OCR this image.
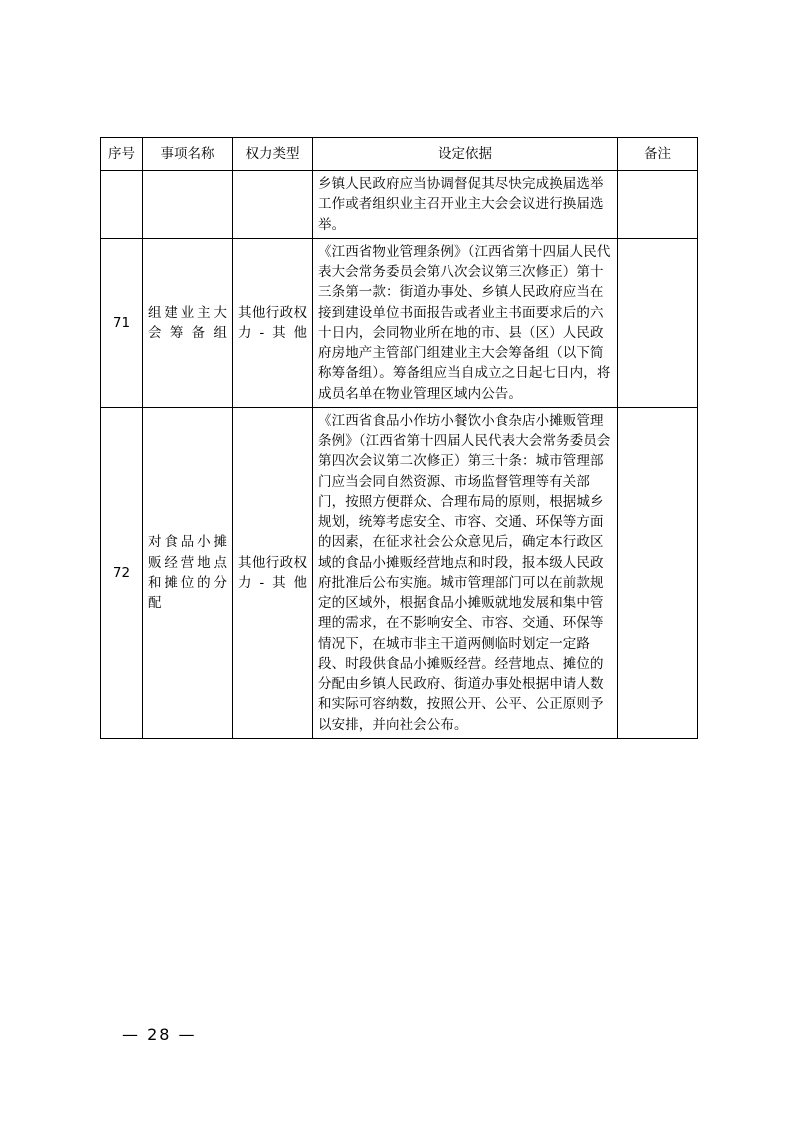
序号	事项名称	权力类型	设定依据	备注
			乡镇人民政府应当协调督促其尽快完成换届选举工作或者组织业主召开业主大会会议进行换届选举。	
71	组建业主大会筹备组	其他行政权力-其他	《江西省物业管理条例》（江西省第十四届人民代表大会常务委员会第八次会议第三次修正）第十三条第一款：街道办事处、乡镇人民政府应当在接到建设单位书面报告或者业主书面要求后的六十日内，会同物业所在地的市、县（区）人民政府房地产主管部门组建业主大会筹备组（以下简称筹备组）。筹备组应当自成立之日起七日内，将成员名单在物业管理区域内公告。	
72	对食品小摊贩经营地点和摊位的分配	其他行政权力-其他	《江西省食品小作坊小餐饮小食杂店小摊贩管理条例》（江西省第十四届人民代表大会常务委员会第四次会议第二次修正）第三十条：城市管理部门应当会同自然资源、市场监督管理等有关部门，按照方便群众、合理布局的原则，根据城乡规划，统筹考虑安全、市容、交通、环保等方面的因素，在征求社会公众意见后，确定本行政区域的食品小摊贩经营地点和时段，报本级人民政府批准后公布实施。城市管理部门可以在前款规定的区域外，根据食品小摊贩就地发展和集中管理的需求，在不影响安全、市容、交通、环保等情况下，在城市非主干道两侧临时划定一定路段、时段供食品小摊贩经营。经营地点、摊位的分配由乡镇人民政府、街道办事处根据申请人数和实际可容纳数，按照公开、公平、公正原则予以安排，并向社会公布。	
— 28 —
